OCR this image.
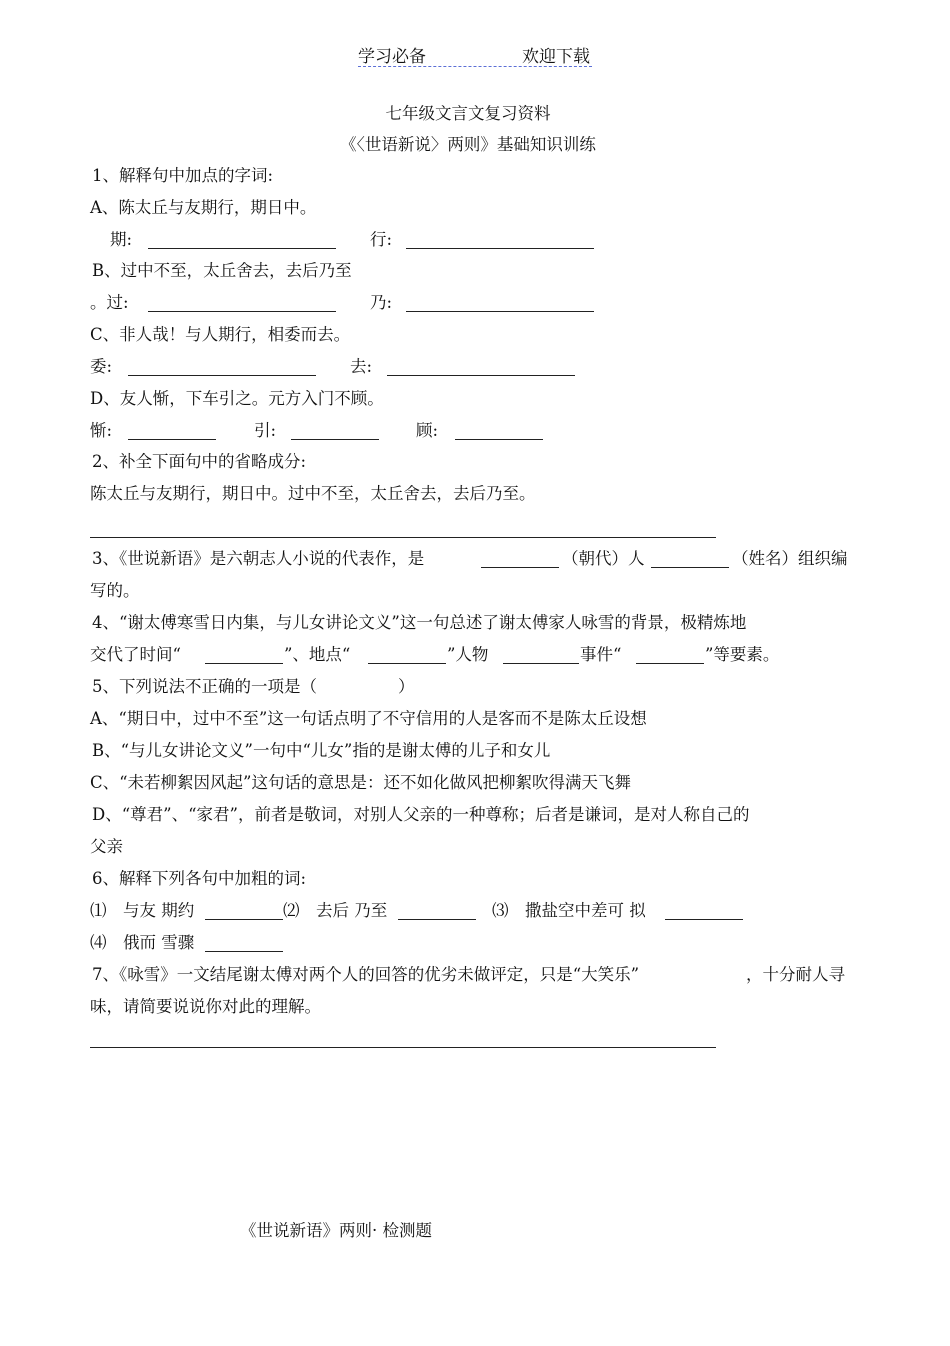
学习必备	欢迎下载
七年级文言文复习资料
《〈世语新说〉两则》基础知识训练
1、解释句中加点的字词:
A、陈太丘与友期行，期日中。
期:	行:
B、过中不至，太丘舍去，去后乃至
。过:	乃:
C、非人哉！与人期行，相委而去。
委:	去:
D、友人惭，下车引之。元方入门不顾。
惭:	引:	顾:
2、补全下面句中的省略成分:
陈太丘与友期行，期日中。过中不至，太丘舍去，去后乃至。
3、《世说新语》是六朝志人小说的代表作，是	（朝代）人	（姓名）组织编
写的。
4、“谢太傅寒雪日内集，与儿女讲论文义”这一句总述了谢太傅家人咏雪的背景，极精炼地
交代了时间“	”、地点“	”人物	事件“	”等要素。
5、下列说法不正确的一项是（	）
A、“期日中，过中不至”这一句话点明了不守信用的人是客而不是陈太丘设想
B、“与儿女讲论文义”一句中“儿女”指的是谢太傅的儿子和女儿
C、“未若柳絮因风起”这句话的意思是：还不如化做风把柳絮吹得满天飞舞
D、“尊君”、“家君”，前者是敬词，对别人父亲的一种尊称；后者是谦词，是对人称自己的
父亲
6、解释下列各句中加粗的词:
⑴　与友 期约	⑵　去后 乃至	⑶　撒盐空中差可 拟
⑷　俄而 雪骤
7、《咏雪》一文结尾谢太傅对两个人的回答的优劣未做评定，只是“大笑乐”	，十分耐人寻
味，请简要说说你对此的理解。
《世说新语》两则· 检测题
